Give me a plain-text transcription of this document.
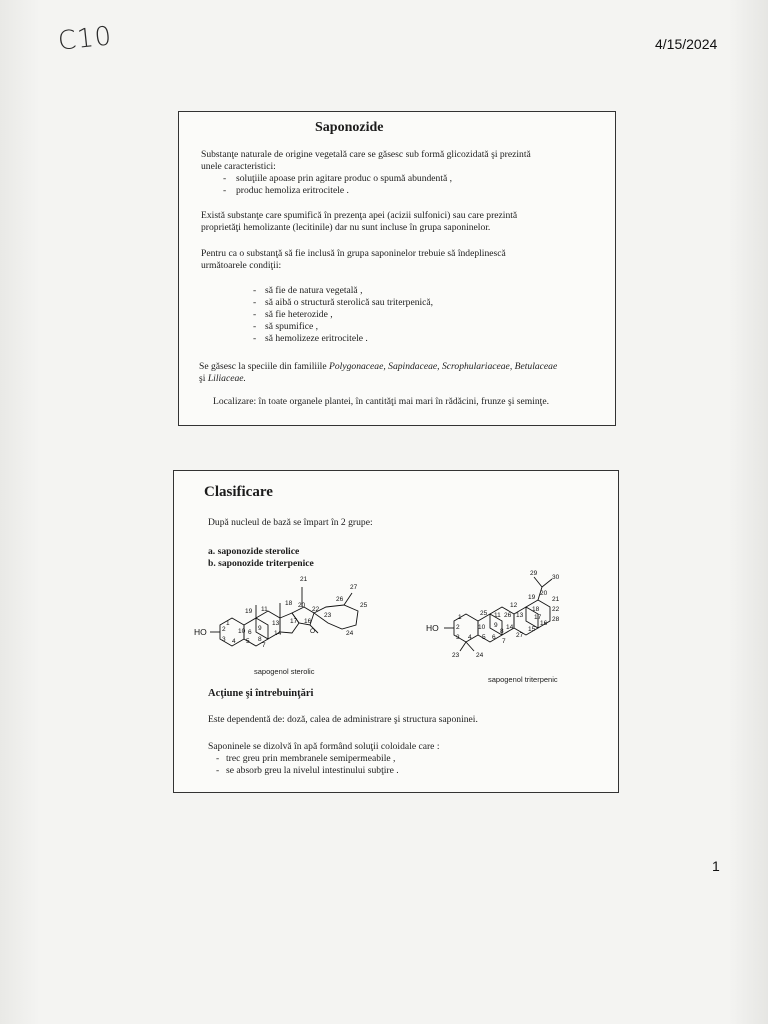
C10	4/15/2024
Saponozide
Substanţe naturale de origine vegetală care se găsesc sub formă glicozidată şi prezintă
unele caracteristici:
- soluţiile apoase prin agitare produc o spumă abundentă ,
- produc hemoliza eritrocitele .
Există substanţe care spumifică în prezenţa apei (acizii sulfonici) sau care prezintă
proprietăţi hemolizante (lecitinile) dar nu sunt incluse în grupa saponinelor.
Pentru ca o substanţă să fie inclusă în grupa saponinelor trebuie să îndeplinescă
următoarele condiţii:
- să fie de natura vegetală ,
- să aibă o structură sterolică sau triterpenică,
- să fie heterozide ,
- să spumifice ,
- să hemolizeze eritrocitele .
Se găsesc la speciile din familiile Polygonaceae, Sapindaceae, Scrophulariaceae, Betulaceae
şi Liliaceae.
Localizare: în toate organele plantei, în cantităţi mai mari în rădăcini, frunze şi seminţe.
Clasificare
După nucleul de bază se împart în 2 grupe:
a. saponozide sterolice
b. saponozide triterpenice
21
27
26
25
24
23
22
20
18
17 16
19 11
13
9
14
1
10
8
2
3 4 5
6
7
O
HO
sapogenol sterolic
29
30
19
20
21
22
12
18
28
25 11 26 13 17
16
1
9 14 15
2	10
8
27
3 4 5 6
7
23	24
HO
sapogenol triterpenic
Acţiune şi întrebuinţări
Este dependentă de: doză, calea de administrare şi structura saponinei.
Saponinele se dizolvă în apă formând soluţii coloidale care :
- trec greu prin membranele semipermeabile ,
- se absorb greu la nivelul intestinului subţire .
1
